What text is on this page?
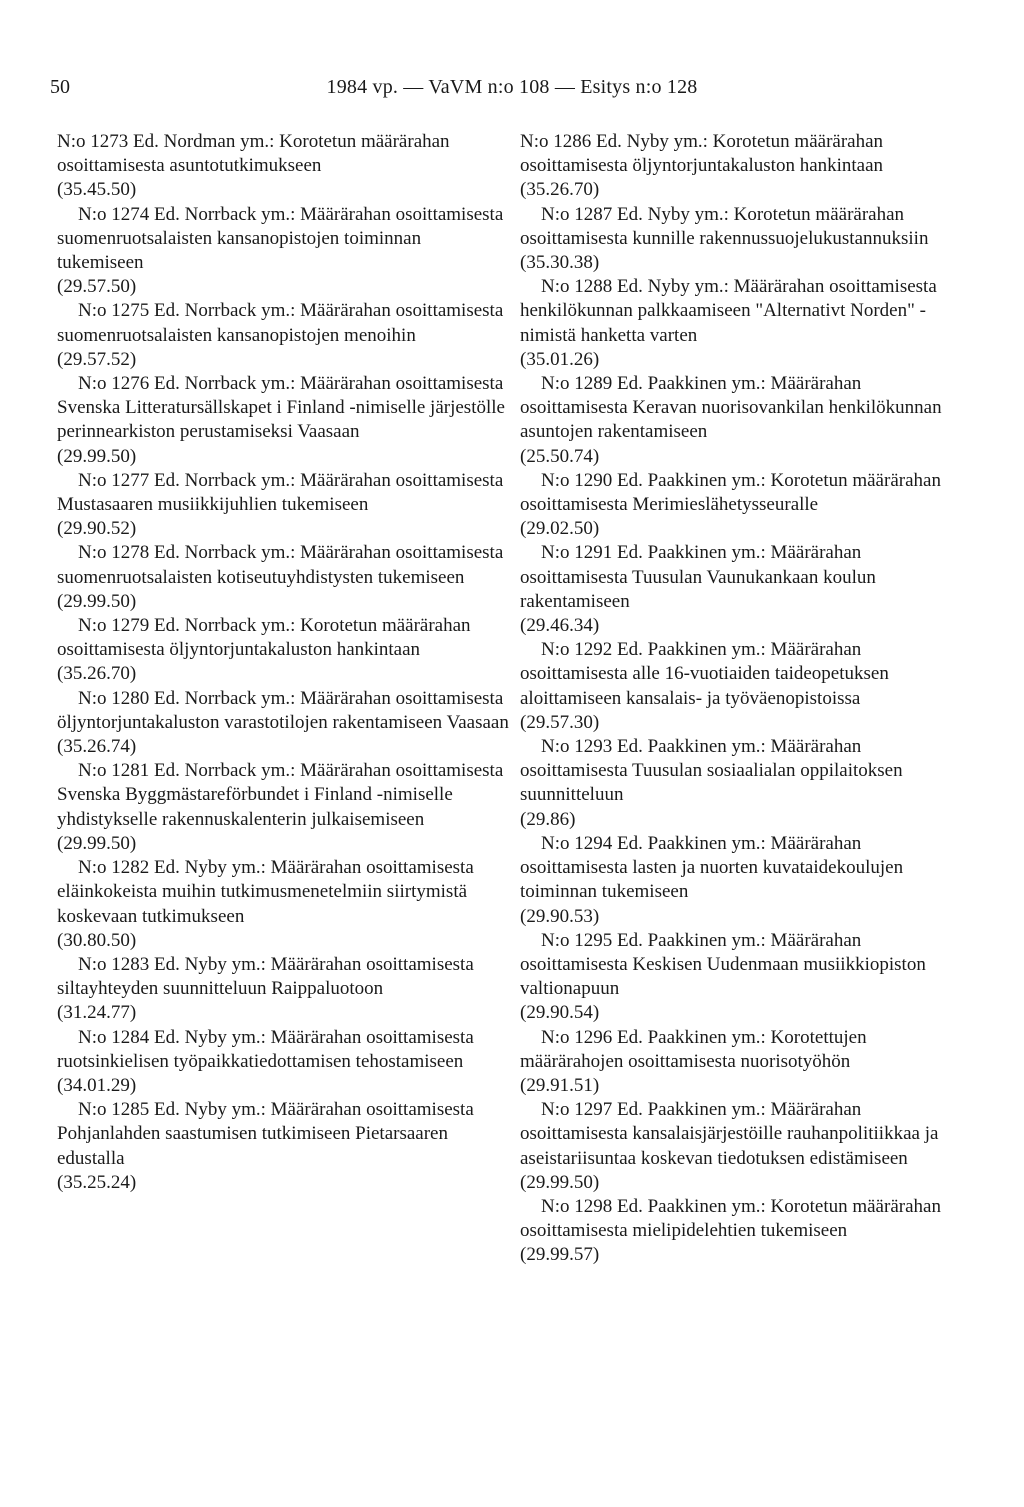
50	1984 vp. — VaVM n:o 108 — Esitys n:o 128

N:o 1273 Ed. Nordman ym.: Korotetun määrärahan osoittamisesta asuntotutkimukseen
(35.45.50)

N:o 1274 Ed. Norrback ym.: Määrärahan osoittamisesta suomenruotsalaisten kansanopistojen toiminnan tukemiseen
(29.57.50)

N:o 1275 Ed. Norrback ym.: Määrärahan osoittamisesta suomenruotsalaisten kansanopistojen menoihin
(29.57.52)

N:o 1276 Ed. Norrback ym.: Määrärahan osoittamisesta Svenska Litteratursällskapet i Finland -nimiselle järjestölle perinnearkiston perustamiseksi Vaasaan
(29.99.50)

N:o 1277 Ed. Norrback ym.: Määrärahan osoittamisesta Mustasaaren musiikkijuhlien tukemiseen
(29.90.52)

N:o 1278 Ed. Norrback ym.: Määrärahan osoittamisesta suomenruotsalaisten kotiseutuyhdistysten tukemiseen
(29.99.50)

N:o 1279 Ed. Norrback ym.: Korotetun määrärahan osoittamisesta öljyntorjuntakaluston hankintaan
(35.26.70)

N:o 1280 Ed. Norrback ym.: Määrärahan osoittamisesta öljyntorjuntakaluston varastotilojen rakentamiseen Vaasaan
(35.26.74)

N:o 1281 Ed. Norrback ym.: Määrärahan osoittamisesta Svenska Byggmästareförbundet i Finland -nimiselle yhdistykselle rakennuskalenterin julkaisemiseen
(29.99.50)

N:o 1282 Ed. Nyby ym.: Määrärahan osoittamisesta eläinkokeista muihin tutkimusmenetelmiin siirtymistä koskevaan tutkimukseen
(30.80.50)

N:o 1283 Ed. Nyby ym.: Määrärahan osoittamisesta siltayhteyden suunnitteluun Raippaluotoon
(31.24.77)

N:o 1284 Ed. Nyby ym.: Määrärahan osoittamisesta ruotsinkielisen työpaikkatiedottamisen tehostamiseen
(34.01.29)

N:o 1285 Ed. Nyby ym.: Määrärahan osoittamisesta Pohjanlahden saastumisen tutkimiseen Pietarsaaren edustalla
(35.25.24)

N:o 1286 Ed. Nyby ym.: Korotetun määrärahan osoittamisesta öljyntorjuntakaluston hankintaan
(35.26.70)

N:o 1287 Ed. Nyby ym.: Korotetun määrärahan osoittamisesta kunnille rakennussuojelukustannuksiin
(35.30.38)

N:o 1288 Ed. Nyby ym.: Määrärahan osoittamisesta henkilökunnan palkkaamiseen "Alternativt Norden" -nimistä hanketta varten
(35.01.26)

N:o 1289 Ed. Paakkinen ym.: Määrärahan osoittamisesta Keravan nuorisovankilan henkilökunnan asuntojen rakentamiseen
(25.50.74)

N:o 1290 Ed. Paakkinen ym.: Korotetun määrärahan osoittamisesta Merimieslähetysseuralle
(29.02.50)

N:o 1291 Ed. Paakkinen ym.: Määrärahan osoittamisesta Tuusulan Vaunukankaan koulun rakentamiseen
(29.46.34)

N:o 1292 Ed. Paakkinen ym.: Määrärahan osoittamisesta alle 16-vuotiaiden taideopetuksen aloittamiseen kansalais- ja työväenopistoissa
(29.57.30)

N:o 1293 Ed. Paakkinen ym.: Määrärahan osoittamisesta Tuusulan sosiaalialan oppilaitoksen suunnitteluun
(29.86)

N:o 1294 Ed. Paakkinen ym.: Määrärahan osoittamisesta lasten ja nuorten kuvataidekoulujen toiminnan tukemiseen
(29.90.53)

N:o 1295 Ed. Paakkinen ym.: Määrärahan osoittamisesta Keskisen Uudenmaan musiikkiopiston valtionapuun
(29.90.54)

N:o 1296 Ed. Paakkinen ym.: Korotettujen määrärahojen osoittamisesta nuorisotyöhön
(29.91.51)

N:o 1297 Ed. Paakkinen ym.: Määrärahan osoittamisesta kansalaisjärjestöille rauhanpolitiikkaa ja aseistariisuntaa koskevan tiedotuksen edistämiseen
(29.99.50)

N:o 1298 Ed. Paakkinen ym.: Korotetun määrärahan osoittamisesta mielipidelehtien tukemiseen
(29.99.57)
